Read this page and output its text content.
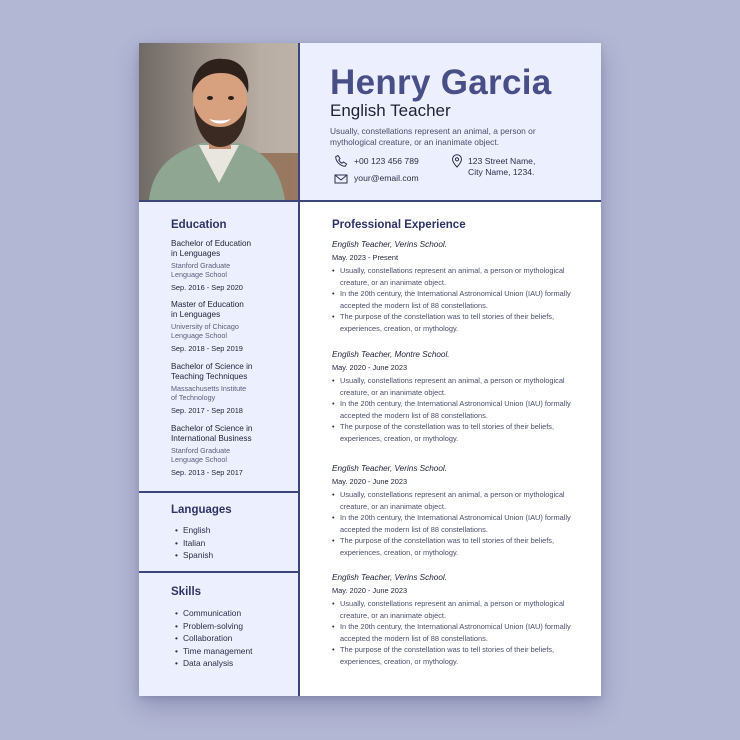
Henry Garcia
English Teacher
Usually, constellations represent an animal, a person or mythological creature, or an inanimate object.
+00 123 456 789
your@email.com
123 Street Name,
City Name, 1234.
Education
Bachelor of Education
in Lenguages
Stanford Graduate
Lenguage School
Sep. 2016 - Sep 2020
Master of Education
in Lenguages
University of Chicago
Lenguage School
Sep. 2018 - Sep 2019
Bachelor of Science in
Teaching Techniques
Massachusetts Institute
of Technology
Sep. 2017 - Sep 2018
Bachelor of Science in
International Business
Stanford Graduate
Lenguage School
Sep. 2013 - Sep 2017
Languages
• English
• Italian
• Spanish
Skills
• Communication
• Problem-solving
• Collaboration
• Time management
• Data analysis
Professional Experience
English Teacher, Verins School.
May. 2023 - Present
• Usually, constellations represent an animal, a person or mythological creature, or an inanimate object.
• In the 20th century, the International Astronomical Union (IAU) formally accepted the modern list of 88 constellations.
• The purpose of the constellation was to tell stories of their beliefs, experiences, creation, or mythology.
English Teacher, Montre School.
May. 2020 - June 2023
• Usually, constellations represent an animal, a person or mythological creature, or an inanimate object.
• In the 20th century, the International Astronomical Union (IAU) formally accepted the modern list of 88 constellations.
• The purpose of the constellation was to tell stories of their beliefs, experiences, creation, or mythology.
English Teacher, Verins School.
May. 2020 - June 2023
• Usually, constellations represent an animal, a person or mythological creature, or an inanimate object.
• In the 20th century, the International Astronomical Union (IAU) formally accepted the modern list of 88 constellations.
• The purpose of the constellation was to tell stories of their beliefs, experiences, creation, or mythology.
English Teacher, Verins School.
May. 2020 - June 2023
• Usually, constellations represent an animal, a person or mythological creature, or an inanimate object.
• In the 20th century, the International Astronomical Union (IAU) formally accepted the modern list of 88 constellations.
• The purpose of the constellation was to tell stories of their beliefs, experiences, creation, or mythology.
